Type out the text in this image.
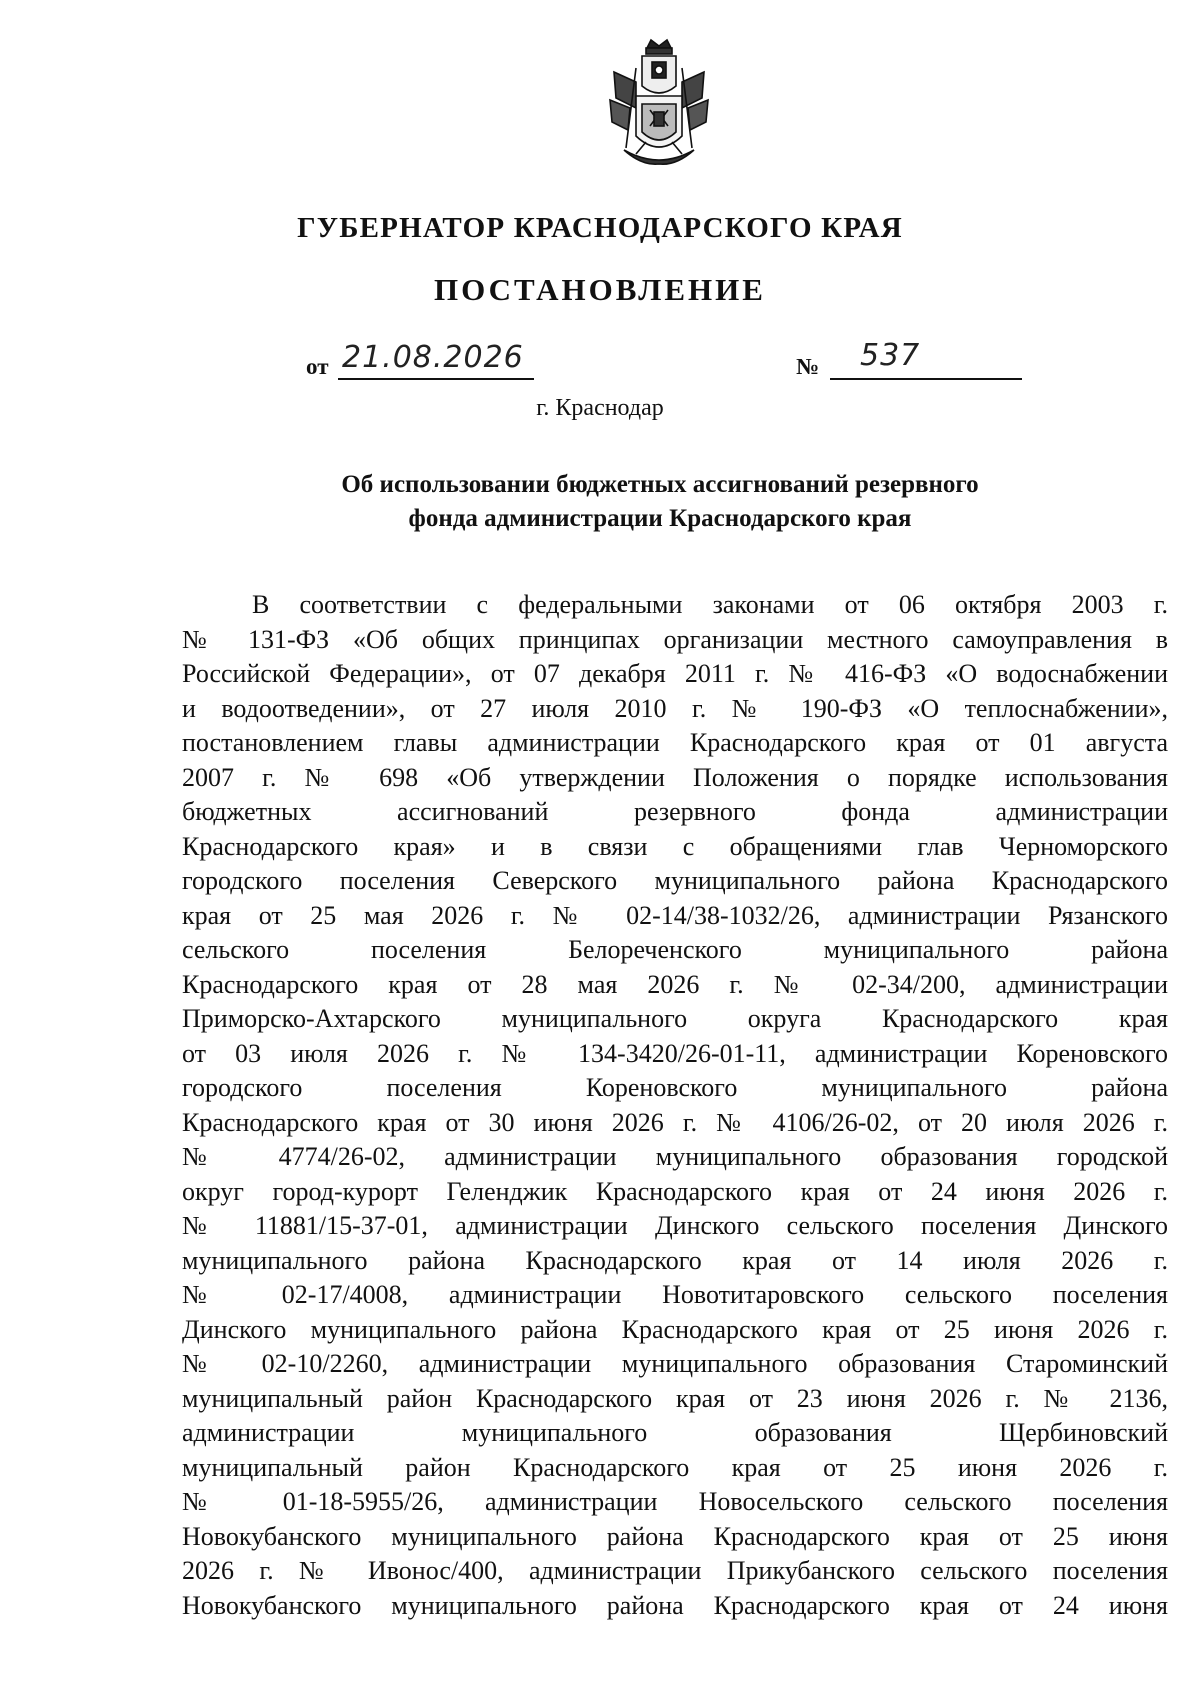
ГУБЕРНАТОР КРАСНОДАРСКОГО КРАЯ
ПОСТАНОВЛЕНИЕ
от 21.08.2026	№ 537
г. Краснодар
Об использовании бюджетных ассигнований резервного
фонда администрации Краснодарского края
В соответствии с федеральными законами от 06 октября 2003 г.
№ 131-ФЗ «Об общих принципах организации местного самоуправления в
Российской Федерации», от 07 декабря 2011 г. № 416-ФЗ «О водоснабжении
и водоотведении», от 27 июля 2010 г. № 190-ФЗ «О теплоснабжении»,
постановлением главы администрации Краснодарского края от 01 августа
2007 г. № 698 «Об утверждении Положения о порядке использования
бюджетных ассигнований резервного фонда администрации
Краснодарского края» и в связи с обращениями глав Черноморского
городского поселения Северского муниципального района Краснодарского
края от 25 мая 2026 г. № 02-14/38-1032/26, администрации Рязанского
сельского поселения Белореченского муниципального района
Краснодарского края от 28 мая 2026 г. № 02-34/200, администрации
Приморско-Ахтарского муниципального округа Краснодарского края
от 03 июля 2026 г. № 134-3420/26-01-11, администрации Кореновского
городского поселения Кореновского муниципального района
Краснодарского края от 30 июня 2026 г. № 4106/26-02, от 20 июля 2026 г.
№ 4774/26-02, администрации муниципального образования городской
округ город-курорт Геленджик Краснодарского края от 24 июня 2026 г.
№ 11881/15-37-01, администрации Динского сельского поселения Динского
муниципального района Краснодарского края от 14 июля 2026 г.
№ 02-17/4008, администрации Новотитаровского сельского поселения
Динского муниципального района Краснодарского края от 25 июня 2026 г.
№ 02-10/2260, администрации муниципального образования Староминский
муниципальный район Краснодарского края от 23 июня 2026 г. № 2136,
администрации муниципального образования Щербиновский
муниципальный район Краснодарского края от 25 июня 2026 г.
№ 01-18-5955/26, администрации Новосельского сельского поселения
Новокубанского муниципального района Краснодарского края от 25 июня
2026 г. № Ивонос/400, администрации Прикубанского сельского поселения
Новокубанского муниципального района Краснодарского края от 24 июня
